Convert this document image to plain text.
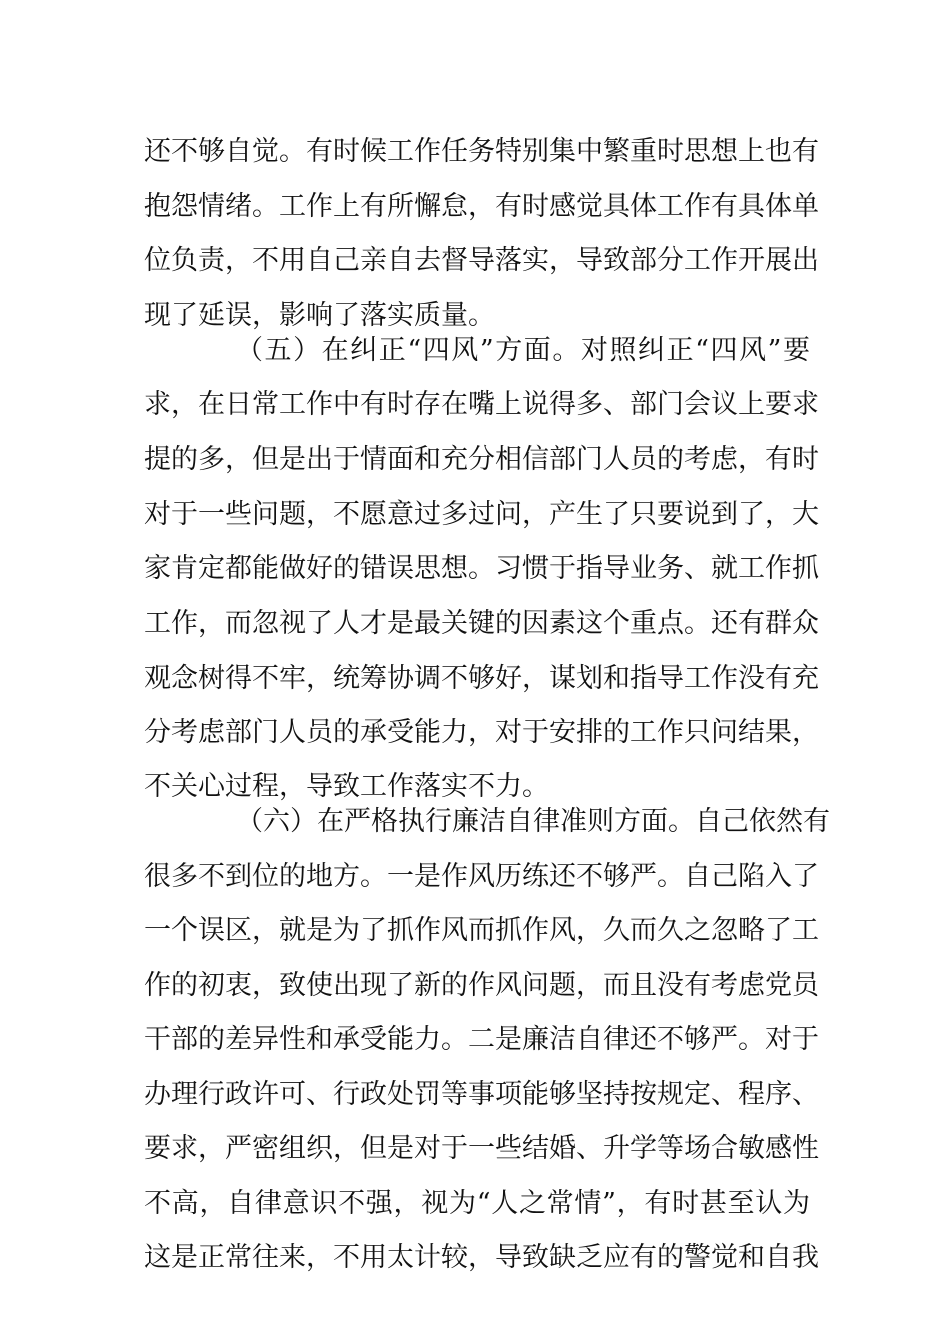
还不够自觉。有时候工作任务特别集中繁重时思想上也有
抱怨情绪。工作上有所懈怠，有时感觉具体工作有具体单
位负责，不用自己亲自去督导落实，导致部分工作开展出
现了延误，影响了落实质量。
（五）在纠正“四风”方面。对照纠正“四风”要
求，在日常工作中有时存在嘴上说得多、部门会议上要求
提的多，但是出于情面和充分相信部门人员的考虑，有时
对于一些问题，不愿意过多过问，产生了只要说到了，大
家肯定都能做好的错误思想。习惯于指导业务、就工作抓
工作，而忽视了人才是最关键的因素这个重点。还有群众
观念树得不牢，统筹协调不够好，谋划和指导工作没有充
分考虑部门人员的承受能力，对于安排的工作只问结果，
不关心过程，导致工作落实不力。
（六）在严格执行廉洁自律准则方面。自己依然有
很多不到位的地方。一是作风历练还不够严。自己陷入了
一个误区，就是为了抓作风而抓作风，久而久之忽略了工
作的初衷，致使出现了新的作风问题，而且没有考虑党员
干部的差异性和承受能力。二是廉洁自律还不够严。对于
办理行政许可、行政处罚等事项能够坚持按规定、程序、
要求，严密组织，但是对于一些结婚、升学等场合敏感性
不高，自律意识不强，视为“人之常情”，有时甚至认为
这是正常往来，不用太计较，导致缺乏应有的警觉和自我
